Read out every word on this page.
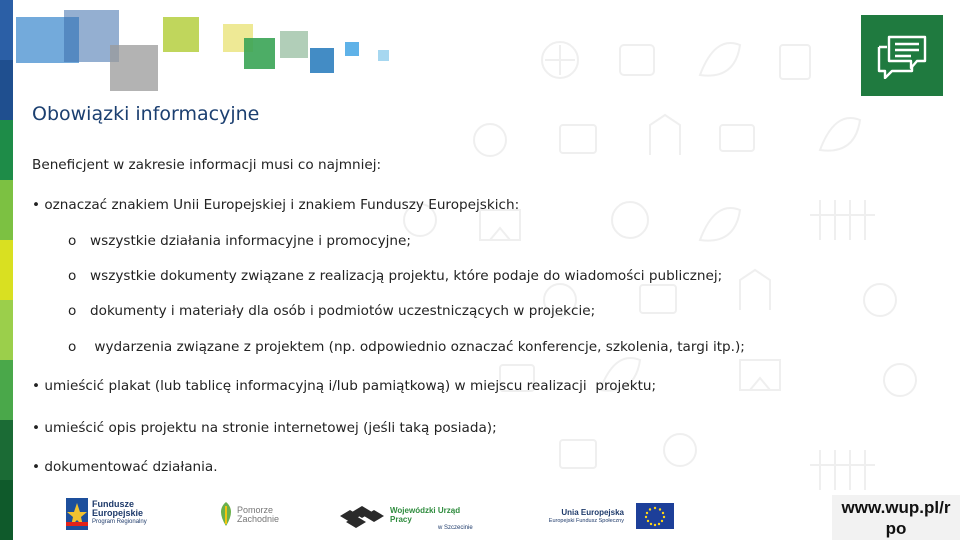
Obowiązki informacyjne
Beneficjent w zakresie informacji musi co najmniej:
• oznaczać znakiem Unii Europejskiej i znakiem Funduszy Europejskich:
o wszystkie działania informacyjne i promocyjne;
o wszystkie dokumenty związane z realizacją projektu, które podaje do wiadomości publicznej;
o dokumenty i materiały dla osób i podmiotów uczestniczących w projekcie;
o wydarzenia związane z projektem (np. odpowiednio oznaczać konferencje, szkolenia, targi itp.);
• umieścić plakat (lub tablicę informacyjną i/lub pamiątkową) w miejscu realizacji  projektu;
• umieścić opis projektu na stronie internetowej (jeśli taką posiada);
• dokumentować działania.
Fundusze
Europejskie
Program Regionalny
Pomorze
Zachodnie
Wojewódzki Urząd Pracy
w Szczecinie
Unia Europejska
Europejski Fundusz Społeczny
www.wup.pl/r
po
